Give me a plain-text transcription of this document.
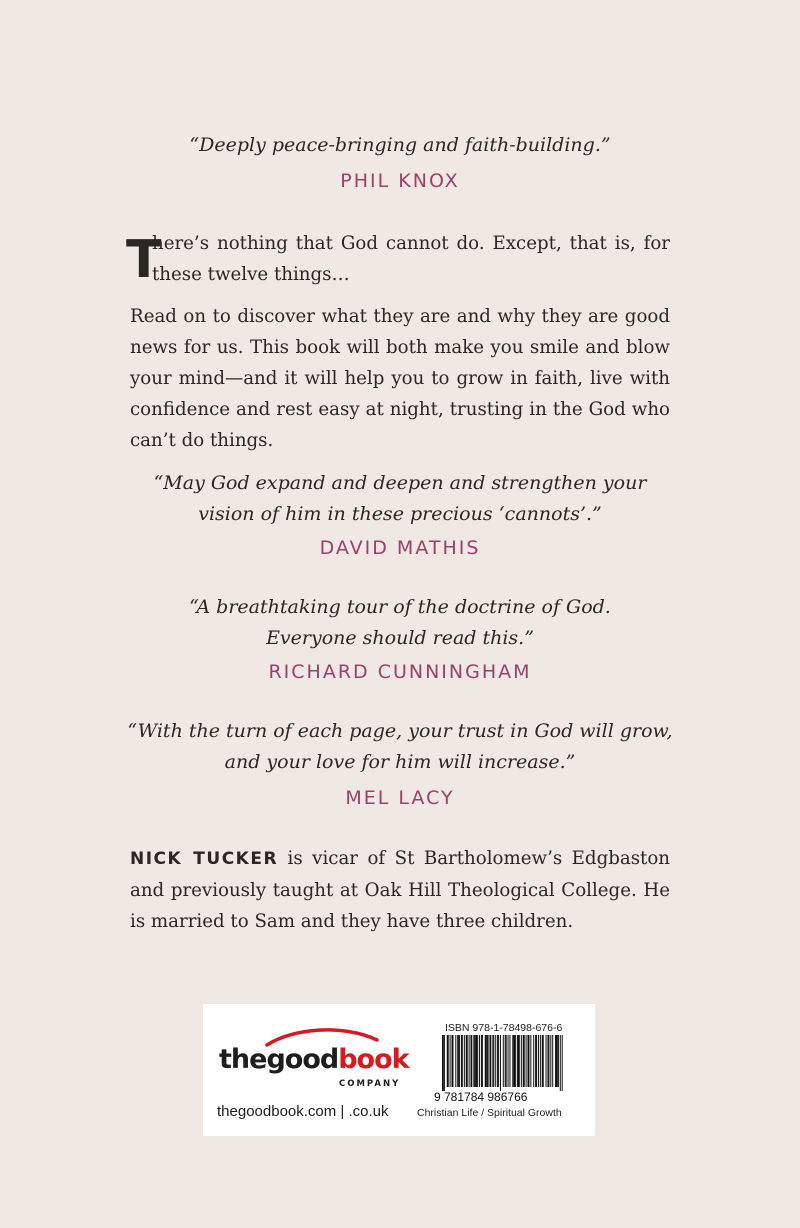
“Deeply peace-bringing and faith-building.”
PHIL KNOX
T
here’s nothing that God cannot do. Except, that is, for these twelve things…
Read on to discover what they are and why they are good news for us. This book will both make you smile and blow your mind—and it will help you to grow in faith, live with confidence and rest easy at night, trusting in the God who can’t do things.
“May God expand and deepen and strengthen your
vision of him in these precious ‘cannots’.”
DAVID MATHIS
“A breathtaking tour of the doctrine of God.
Everyone should read this.”
RICHARD CUNNINGHAM
“With the turn of each page, your trust in God will grow,
and your love for him will increase.”
MEL LACY
NICK TUCKER is vicar of St Bartholomew’s Edgbaston and previously taught at Oak Hill Theological College. He is married to Sam and they have three children.
thegoodbook
COMPANY
thegoodbook.com | .co.uk
ISBN 978-1-78498-676-6
9 781784 986766
Christian Life / Spiritual Growth
